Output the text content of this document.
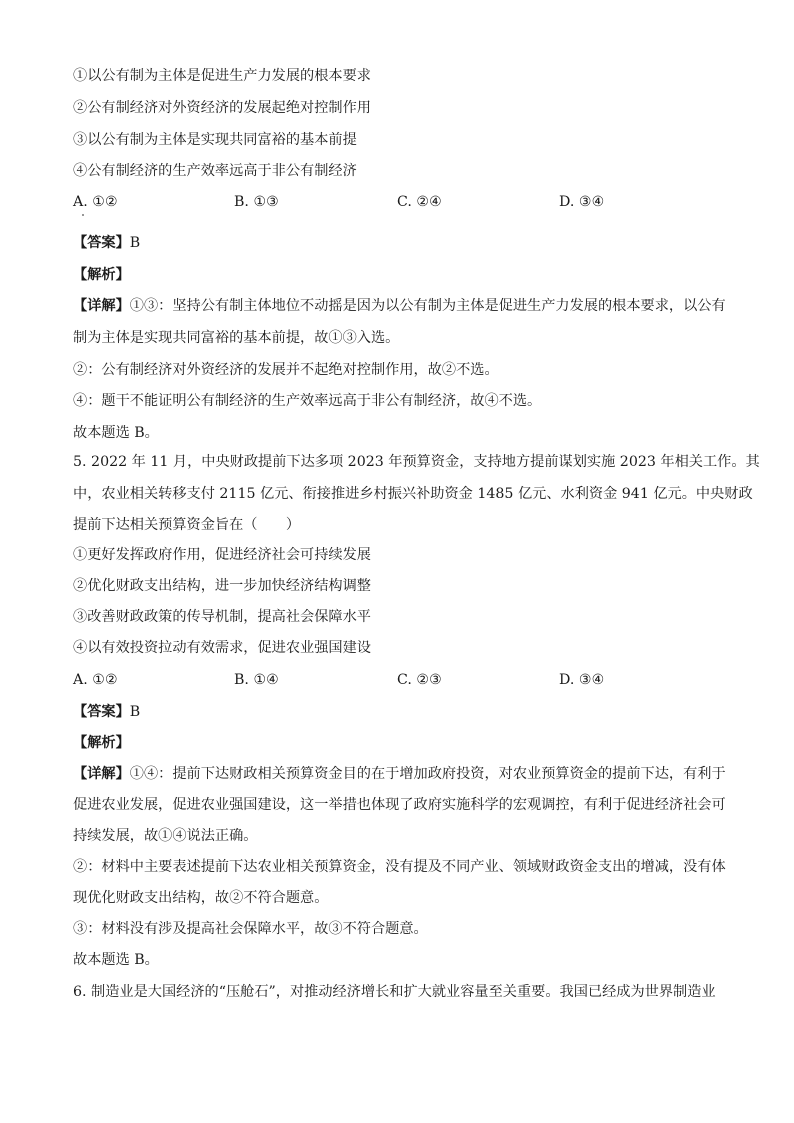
①以公有制为主体是促进生产力发展的根本要求
②公有制经济对外资经济的发展起绝对控制作用
③以公有制为主体是实现共同富裕的基本前提
④公有制经济的生产效率远高于非公有制经济
A. ①②	B. ①③	C. ②④	D. ③④
【答案】B
【解析】
【详解】①③：坚持公有制主体地位不动摇是因为以公有制为主体是促进生产力发展的根本要求，以公有
制为主体是实现共同富裕的基本前提，故①③入选。
②：公有制经济对外资经济的发展并不起绝对控制作用，故②不选。
④：题干不能证明公有制经济的生产效率远高于非公有制经济，故④不选。
故本题选 B。
5. 2022 年 11 月，中央财政提前下达多项 2023 年预算资金，支持地方提前谋划实施 2023 年相关工作。其
中，农业相关转移支付 2115 亿元、衔接推进乡村振兴补助资金 1485 亿元、水利资金 941 亿元。中央财政
提前下达相关预算资金旨在（　　）
①更好发挥政府作用，促进经济社会可持续发展
②优化财政支出结构，进一步加快经济结构调整
③改善财政政策的传导机制，提高社会保障水平
④以有效投资拉动有效需求，促进农业强国建设
A. ①②	B. ①④	C. ②③	D. ③④
【答案】B
【解析】
【详解】①④：提前下达财政相关预算资金目的在于增加政府投资，对农业预算资金的提前下达，有利于
促进农业发展，促进农业强国建设，这一举措也体现了政府实施科学的宏观调控，有利于促进经济社会可
持续发展，故①④说法正确。
②：材料中主要表述提前下达农业相关预算资金，没有提及不同产业、领域财政资金支出的增减，没有体
现优化财政支出结构，故②不符合题意。
③：材料没有涉及提高社会保障水平，故③不符合题意。
故本题选 B。
6. 制造业是大国经济的“压舱石”，对推动经济增长和扩大就业容量至关重要。我国已经成为世界制造业
